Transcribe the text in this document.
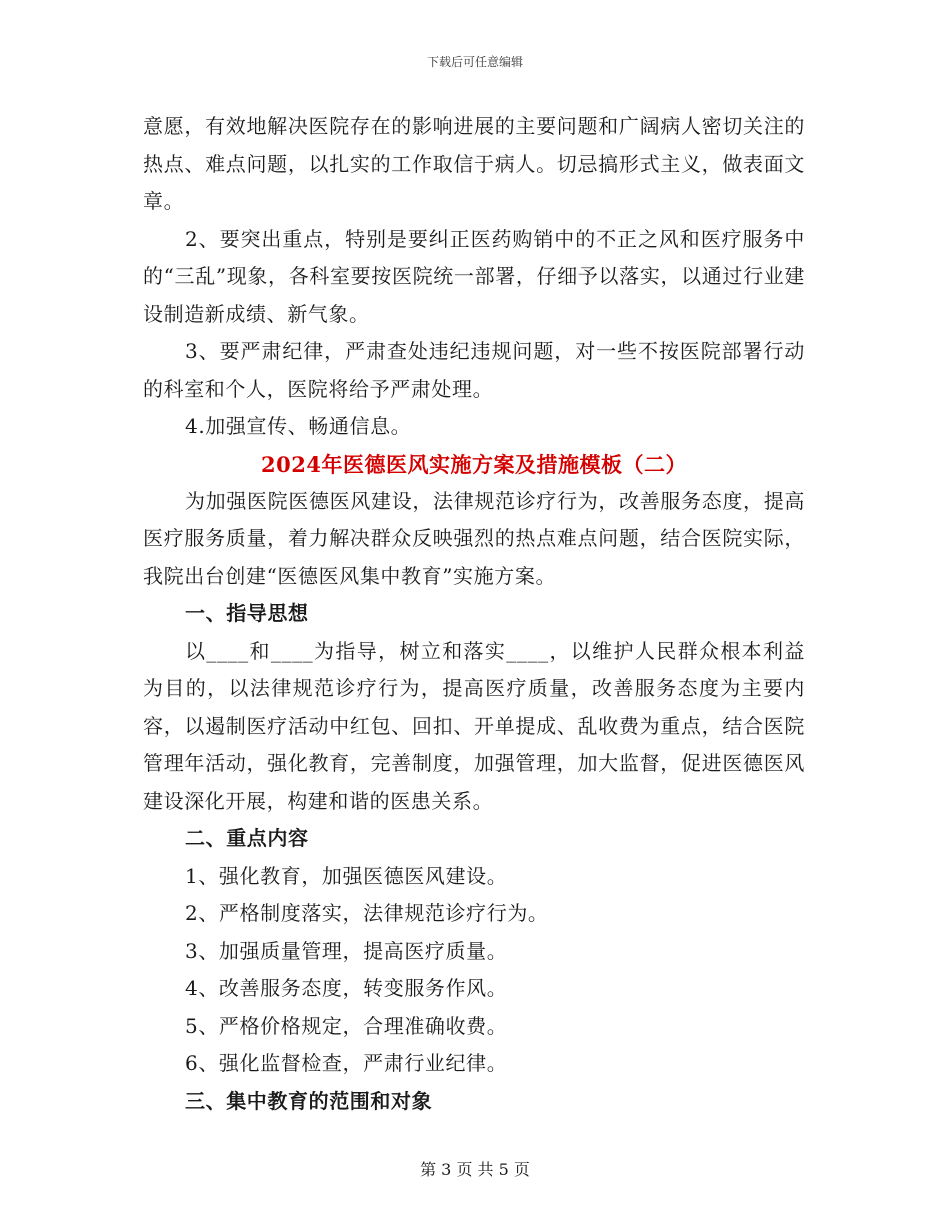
下载后可任意编辑

意愿，有效地解决医院存在的影响进展的主要问题和广阔病人密切关注的热点、难点问题，以扎实的工作取信于病人。切忌搞形式主义，做表面文章。

2、要突出重点，特别是要纠正医药购销中的不正之风和医疗服务中的“三乱”现象，各科室要按医院统一部署，仔细予以落实，以通过行业建设制造新成绩、新气象。

3、要严肃纪律，严肃查处违纪违规问题，对一些不按医院部署行动的科室和个人，医院将给予严肃处理。

4.加强宣传、畅通信息。

2024年医德医风实施方案及措施模板（二）

为加强医院医德医风建设，法律规范诊疗行为，改善服务态度，提高医疗服务质量，着力解决群众反映强烈的热点难点问题，结合医院实际，我院出台创建“医德医风集中教育”实施方案。

一、指导思想

以____和____为指导，树立和落实____，以维护人民群众根本利益为目的，以法律规范诊疗行为，提高医疗质量，改善服务态度为主要内容，以遏制医疗活动中红包、回扣、开单提成、乱收费为重点，结合医院管理年活动，强化教育，完善制度，加强管理，加大监督，促进医德医风建设深化开展，构建和谐的医患关系。

二、重点内容

1、强化教育，加强医德医风建设。

2、严格制度落实，法律规范诊疗行为。

3、加强质量管理，提高医疗质量。

4、改善服务态度，转变服务作风。

5、严格价格规定，合理准确收费。

6、强化监督检查，严肃行业纪律。

三、集中教育的范围和对象

第 3 页 共 5 页
